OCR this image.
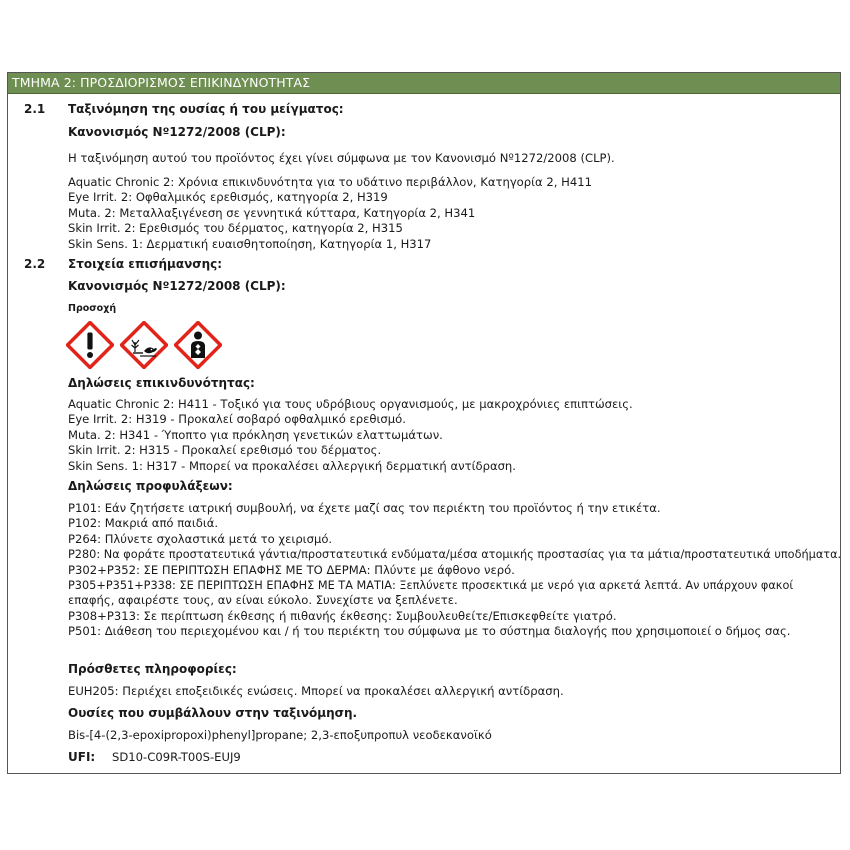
ΤΜΗΜΑ 2: ΠΡΟΣΔΙΟΡΙΣΜΟΣ ΕΠΙΚΙΝΔΥΝΟΤΗΤΑΣ
2.1 Ταξινόμηση της ουσίας ή του μείγματος:
Κανονισμός Nº1272/2008 (CLP):
Η ταξινόμηση αυτού του προϊόντος έχει γίνει σύμφωνα με τον Κανονισμό Nº1272/2008 (CLP).
Aquatic Chronic 2: Χρόνια επικινδυνότητα για το υδάτινο περιβάλλον, Κατηγορία 2, H411
Eye Irrit. 2: Οφθαλμικός ερεθισμός, κατηγορία 2, H319
Muta. 2: Μεταλλαξιγένεση σε γεννητικά κύτταρα, Κατηγορία 2, H341
Skin Irrit. 2: Ερεθισμός του δέρματος, κατηγορία 2, H315
Skin Sens. 1: Δερματική ευαισθητοποίηση, Κατηγορία 1, H317
2.2 Στοιχεία επισήμανσης:
Κανονισμός Nº1272/2008 (CLP):
Προσοχή
Δηλώσεις επικινδυνότητας:
Aquatic Chronic 2: H411 - Τοξικό για τους υδρόβιους οργανισμούς, με μακροχρόνιες επιπτώσεις.
Eye Irrit. 2: H319 - Προκαλεί σοβαρό οφθαλμικό ερεθισμό.
Muta. 2: H341 - Ύποπτο για πρόκληση γενετικών ελαττωμάτων.
Skin Irrit. 2: H315 - Προκαλεί ερεθισμό του δέρματος.
Skin Sens. 1: H317 - Μπορεί να προκαλέσει αλλεργική δερματική αντίδραση.
Δηλώσεις προφυλάξεων:
P101: Εάν ζητήσετε ιατρική συμβουλή, να έχετε μαζί σας τον περιέκτη του προϊόντος ή την ετικέτα.
P102: Μακριά από παιδιά.
P264: Πλύνετε σχολαστικά μετά το χειρισμό.
P280: Να φοράτε προστατευτικά γάντια/προστατευτικά ενδύματα/μέσα ατομικής προστασίας για τα μάτια/προστατευτικά υποδήματα.
P302+P352: ΣΕ ΠΕΡΙΠΤΩΣΗ ΕΠΑΦΗΣ ΜΕ ΤΟ ΔΕΡΜΑ: Πλύντε με άφθονο νερό.
P305+P351+P338: ΣΕ ΠΕΡΙΠΤΩΣΗ ΕΠΑΦΗΣ ΜΕ ΤΑ ΜΑΤΙΑ: Ξεπλύνετε προσεκτικά με νερό για αρκετά λεπτά. Αν υπάρχουν φακοί
επαφής, αφαιρέστε τους, αν είναι εύκολο. Συνεχίστε να ξεπλένετε.
P308+P313: Σε περίπτωση έκθεσης ή πιθανής έκθεσης: Συμβουλευθείτε/Επισκεφθείτε γιατρό.
P501: Διάθεση του περιεχομένου και / ή του περιέκτη του σύμφωνα με το σύστημα διαλογής που χρησιμοποιεί ο δήμος σας.
Πρόσθετες πληροφορίες:
EUH205: Περιέχει εποξειδικές ενώσεις. Μπορεί να προκαλέσει αλλεργική αντίδραση.
Ουσίες που συμβάλλουν στην ταξινόμηση.
Bis-[4-(2,3-epoxipropoxi)phenyl]propane; 2,3-εποξυπροπυλ νεοδεκανοϊκό
UFI: SD10-C09R-T00S-EUJ9
